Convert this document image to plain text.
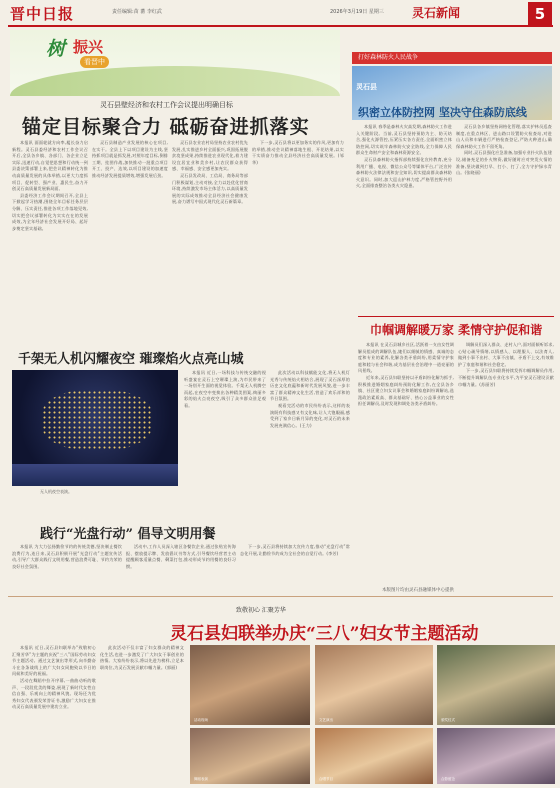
晋中日报	责任编辑:苗 蕃 李红武	2026年3月19日 星期三 灵石新闻	5
树 振兴
看晋中
灵石县壁经济和农村工作会议提出明确目标
锚定目标聚合力 砥砺奋进抓落实

本报讯 面面轮就方向率,履长奋力启新程。灵石县委经济和农村工作会议召开后,全县各乡镇、各部门、各企业立足实际,迅速行动,自觉把思想和行动统一到县委决策部署上来,把会议精神转化为推动高质量发展的具体举措,以更大力度抓项目、促转型、强产业、惠民生,奋力开创灵石高质量发展新局面。

县委经济工作会议期间召开,全县上下掀起学习热潮,围绕全年目标任务层层分解、压实责任,推进各项工作落地见效,切实把会议部署转化为实实在在的发展成效,为全年经济社会发展开好局、起好步奠定坚实基础。

灵石县制造产业发展的核心在项目,在实干。全县上下以项目建设为主线,坚持抓项目就是抓发展,对照年度目标,倒排工期、挂图作战,加快推动一批重点项目开工、投产、达效,以项目建设的加速度推动经济发展提质增效,增强发展后劲。

灵石县农业农村局坚持农业农村优先发展,扎实推进乡村全面振兴,巩固拓展脱贫攻坚成果,持续推进农业现代化,着力建设宜居宜业和美乡村,让农民群众获得感、幸福感、安全感更加充实。

灵石县发改局、工信局、商务局等部门积极谋划,主动对接,全力以赴优化营商环境,持续激发市场主体活力,以高质量发展的实际成效推动全县经济社会健康发展,奋力谱写中国式现代化灵石新篇章。

下一步,灵石县将以更加务实的作风,更加有力的举措,推动会议精神落地生根、开花结果,以实干实绩奋力推动全县经济社会高质量发展。(邹华)

打好森林防火人民战争
灵石县
织密立体防控网 坚决守住森防底线

本报讯 春季是森林火灾高发期,森林防火工作进入关键阶段。当前,灵石县坚持预防为主、防灭结合,强化火源管控,压紧压实各方责任,全面织密立体防控网,切实筑牢森林防火安全防线,全力保障人民群众生命财产安全和森林资源安全。

灵石县森林防火指挥部持续强化宣传教育,充分利用广播、电视、微信公众号等媒体平台,广泛宣传森林防火法律法规和安全知识,切实提高群众森林防火意识。同时,加大巡山护林力度,严格管控野外用火,全面排查整治各类火灾隐患。

灵石县各乡镇坚持网格化管理,落实护林员巡查制度,在重点林区、进山路口设置防火检查站,对进山人员和车辆进行严格检查登记,严防火种进山,确保森林防火工作不留死角。

同时,灵石县强化应急准备,加强专业扑火队伍建设,储备充足的扑火物资,做好随时应对突发火情的准备,坚决做到打早、打小、打了,全力守护绿水青山。(张晓丽)

千架无人机闪耀夜空 璀璨焰火点亮山城
无人机夜空表演。

本报讯 近日,一场科技与传统交融的视听盛宴在灵石上空璀璨上演,为市民带来了一场别开生面的视觉体验。千架无人机腾空而起,在夜空中变换出各种精美图案,绚丽多彩的焰火点亮夜空,吸引了众多群众驻足观看。

此次活动以科技赋能文化,将无人机灯光秀与传统焰火相结合,展现了灵石深厚的历史文化底蕴和新时代发展风貌,进一步丰富了群众精神文化生活,营造了欢乐祥和的节日氛围。

观看完活动的市民纷纷表示,这样的表演既有科技感又有文化味,让人大饱眼福,感受到了家乡日新月异的变化,对灵石的未来发展充满信心。(王力)

践行“光盘行动” 倡导文明用餐

本报讯 为大力弘扬勤俭节约的传统美德,坚决制止餐饮浪费行为,连日来,灵石县积极开展“光盘行动”主题宣传活动,引导广大群众践行文明用餐,营造浪费可耻、节约为荣的良好社会氛围。

活动中,工作人员深入辖区各餐饮企业,通过张贴宣传海报、摆放提示牌、发放倡议书等方式,引导餐饮经营者主动提醒顾客适量点餐、剩菜打包,推动形成节约用餐的良好习惯。

下一步,灵石县将持续加大宣传力度,推动“光盘行动”常态化开展,让勤俭节约成为全社会的自觉行动。(李芳)

巾帼调解暖万家 柔情守护促和谐

本报讯 在灵石县城乡社区,活跃着一支由女性调解员组成的调解队伍,她们以细腻的情感、真诚的态度和专业的素养,化解各类矛盾纠纷,用柔情守护家庭和睦与社会和谐,成为基层社会治理中一道亮丽的风景线。

近年来,灵石县妇联坚持以矛盾纠纷化解为抓手,积极推进婚姻家庭纠纷预防化解工作,在全县各乡镇、社区建立妇女议事会和婚姻家庭纠纷调解站,选派政治素质高、群众基础好、热心公益事业的女性担任调解员,及时发现和调处各类矛盾纠纷。

调解员们深入群众、走村入户,面对面倾听诉求,心贴心疏导情绪,以情感人、以理服人、以法育人,做到小事不出村、大事不出镇、矛盾不上交,有效维护了家庭和谐和社会稳定。

下一步,灵石县妇联将持续发挥巾帼调解员作用,不断提升调解队伍专业化水平,为平安灵石建设贡献巾帼力量。(苏丽芳)

本版图片均由灵石县融媒体中心提供
致敬初心 汇聚芳华
灵石县妇联举办庆“三八”妇女节主题活动

本报讯 近日,灵石县妇联举办“致敬初心 汇聚芳华”为主题的庆祝“三八”国际劳动妇女节主题活动。通过文艺演出等形式,向辛勤奋斗在各条战线上的广大妇女同胞致以节日的问候和美好的祝福。

活动在舞蹈中拉开序幕,一曲曲动听的歌声、一段段优美的舞姿,展现了新时代女性自信自强、乐观向上的精神风貌。现场还为优秀妇女代表颁发荣誉证书,激励广大妇女在推动灵石高质量发展中建功立业。

此次活动不仅丰富了妇女群众的精神文化生活,也进一步激发了广大妇女干事创业的热情。大家纷纷表示,将以先进为榜样,立足本职岗位,为灵石发展贡献巾帼力量。(郭丽)

活动现场	文艺演出	颁奖仪式
舞蹈表演	合唱节目	合影留念
